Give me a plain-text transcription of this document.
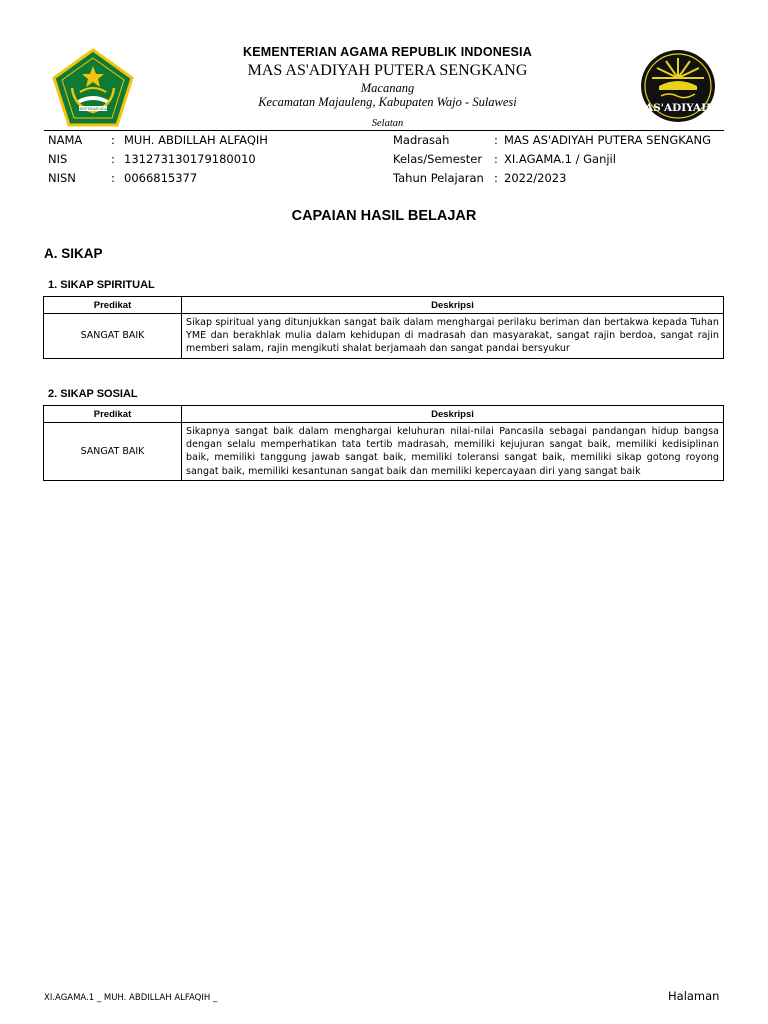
KEMENTERIAN AGAMA	AS'ADIYAH
KEMENTERIAN AGAMA REPUBLIK INDONESIA
MAS AS'ADIYAH PUTERA SENGKANG
Macanang
Kecamatan Majauleng, Kabupaten Wajo - Sulawesi
Selatan
NAMA : MUH. ABDILLAH ALFAQIH
NIS	: 131273130179180010
NISN	: 0066815377
Madrasah	: MAS AS'ADIYAH PUTERA SENGKANG
Kelas/Semester : XI.AGAMA.1 / Ganjil
Tahun Pelajaran : 2022/2023
CAPAIAN HASIL BELAJAR
A. SIKAP
1. SIKAP SPIRITUAL
Predikat	Deskripsi
SANGAT BAIK	Sikap spiritual yang ditunjukkan sangat baik dalam menghargai perilaku beriman dan bertakwa kepada Tuhan YME dan berakhlak mulia dalam kehidupan di madrasah dan masyarakat, sangat rajin berdoa, sangat rajin memberi salam, rajin mengikuti shalat berjamaah dan sangat pandai bersyukur
2. SIKAP SOSIAL
Predikat	Deskripsi
SANGAT BAIK	Sikapnya sangat baik dalam menghargai keluhuran nilai-nilai Pancasila sebagai pandangan hidup bangsa dengan selalu memperhatikan tata tertib madrasah, memiliki kejujuran sangat baik, memiliki kedisiplinan baik, memiliki tanggung jawab sangat baik, memiliki toleransi sangat baik, memiliki sikap gotong royong sangat baik, memiliki kesantunan sangat baik dan memiliki kepercayaan diri yang sangat baik
XI.AGAMA.1 _ MUH. ABDILLAH ALFAQIH _	Halaman
